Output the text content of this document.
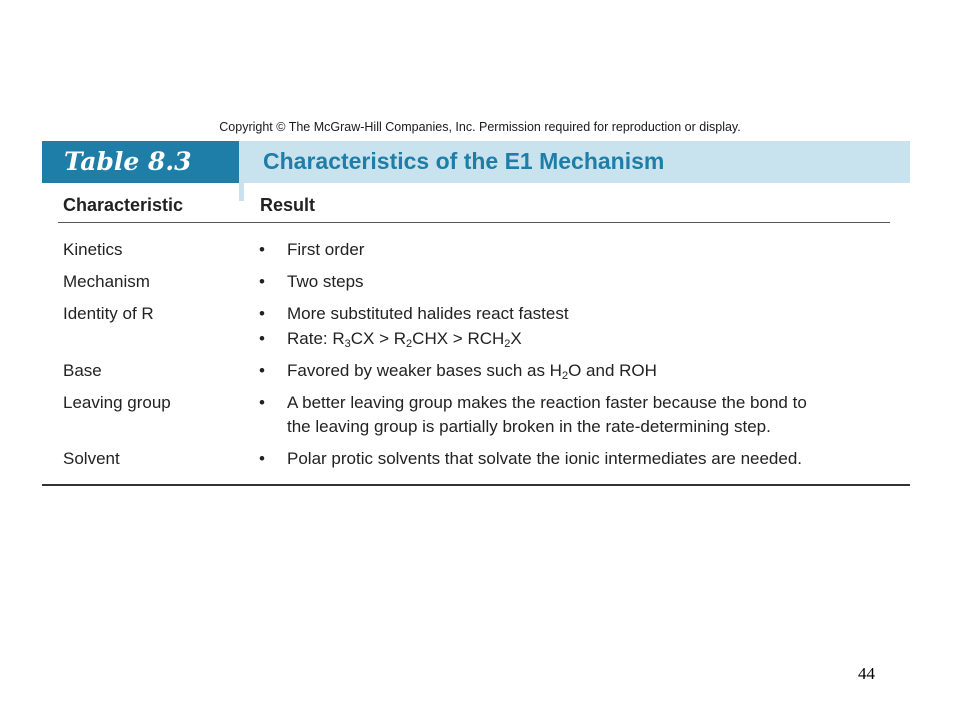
Copyright © The McGraw-Hill Companies, Inc. Permission required for reproduction or display.
Table 8.3	Characteristics of the E1 Mechanism
Characteristic	Result
Kinetics	• First order
Mechanism	• Two steps
Identity of R	• More substituted halides react fastest
• Rate: $R_3CX > R_2CHX > RCH_2X$
Base	• Favored by weaker bases such as $H_2O$ and ROH
Leaving group	• A better leaving group makes the reaction faster because the bond to
the leaving group is partially broken in the rate-determining step.
Solvent	• Polar protic solvents that solvate the ionic intermediates are needed.
44
